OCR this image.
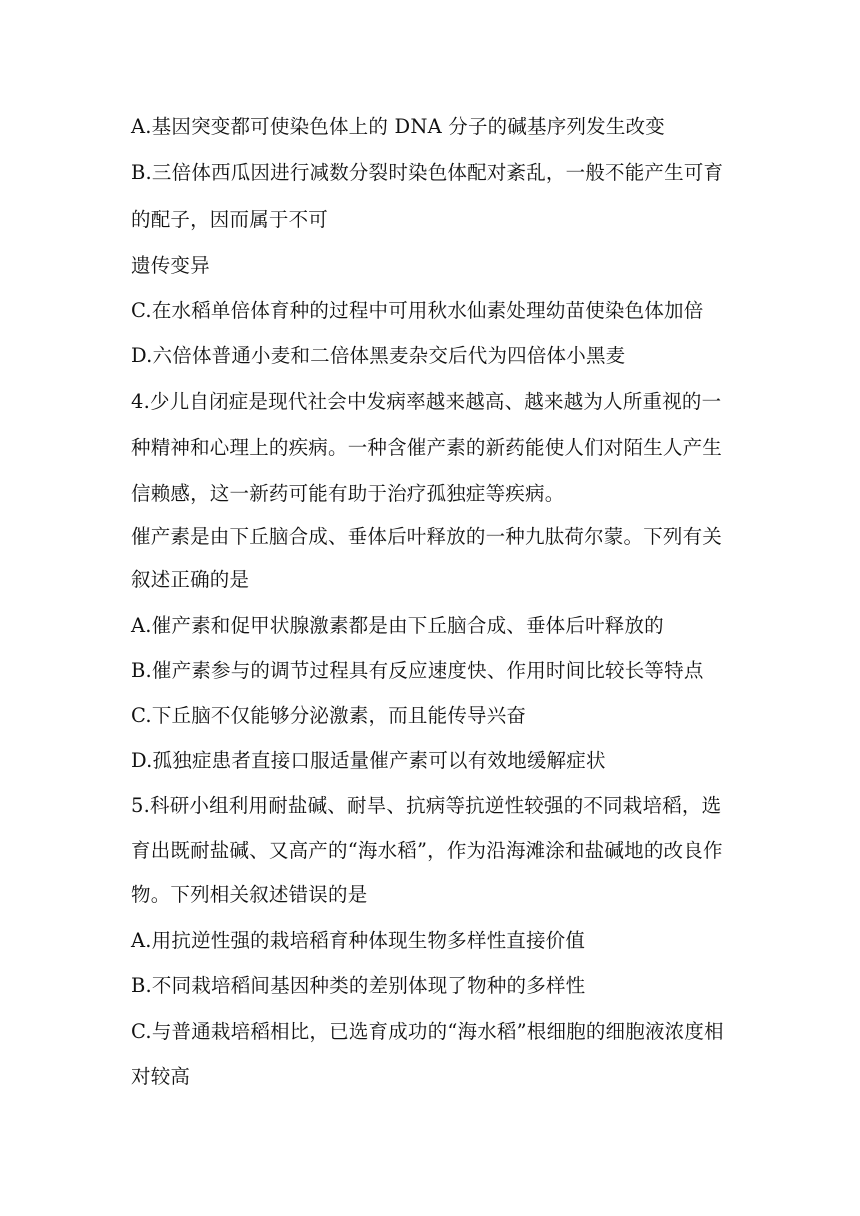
A.基因突变都可使染色体上的 DNA 分子的碱基序列发生改变
B.三倍体西瓜因进行减数分裂时染色体配对紊乱，一般不能产生可育
的配子，因而属于不可
遗传变异
C.在水稻单倍体育种的过程中可用秋水仙素处理幼苗使染色体加倍
D.六倍体普通小麦和二倍体黑麦杂交后代为四倍体小黑麦
4.少儿自闭症是现代社会中发病率越来越高、越来越为人所重视的一
种精神和心理上的疾病。一种含催产素的新药能使人们对陌生人产生
信赖感，这一新药可能有助于治疗孤独症等疾病。
催产素是由下丘脑合成、垂体后叶释放的一种九肽荷尔蒙。下列有关
叙述正确的是
A.催产素和促甲状腺激素都是由下丘脑合成、垂体后叶释放的
B.催产素参与的调节过程具有反应速度快、作用时间比较长等特点
C.下丘脑不仅能够分泌激素，而且能传导兴奋
D.孤独症患者直接口服适量催产素可以有效地缓解症状
5.科研小组利用耐盐碱、耐旱、抗病等抗逆性较强的不同栽培稻，选
育出既耐盐碱、又高产的“海水稻”，作为沿海滩涂和盐碱地的改良作
物。下列相关叙述错误的是
A.用抗逆性强的栽培稻育种体现生物多样性直接价值
B.不同栽培稻间基因种类的差别体现了物种的多样性
C.与普通栽培稻相比，已选育成功的“海水稻”根细胞的细胞液浓度相
对较高
